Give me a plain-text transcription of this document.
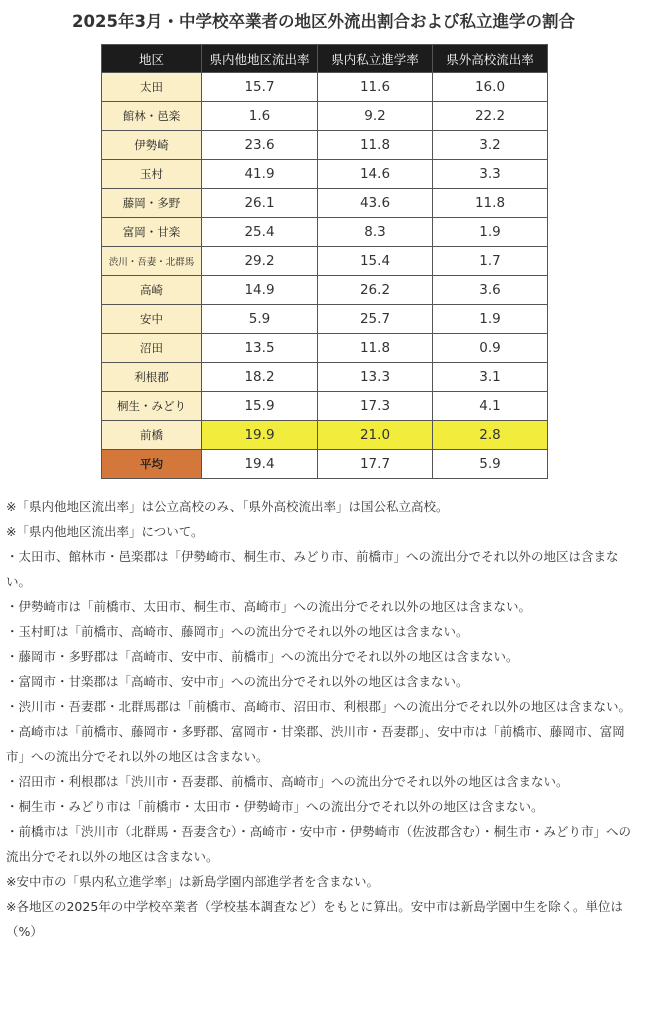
2025年3月・中学校卒業者の地区外流出割合および私立進学の割合
地区	県内他地区流出率	県内私立進学率	県外高校流出率
太田	15.7	11.6	16.0
館林・邑楽	1.6	9.2	22.2
伊勢崎	23.6	11.8	3.2
玉村	41.9	14.6	3.3
藤岡・多野	26.1	43.6	11.8
富岡・甘楽	25.4	8.3	1.9
渋川・吾妻・北群馬	29.2	15.4	1.7
高崎	14.9	26.2	3.6
安中	5.9	25.7	1.9
沼田	13.5	11.8	0.9
利根郡	18.2	13.3	3.1
桐生・みどり	15.9	17.3	4.1
前橋	19.9	21.0	2.8
平均	19.4	17.7	5.9

※「県内他地区流出率」は公立高校のみ、「県外高校流出率」は国公私立高校。

※「県内他地区流出率」について。

・太田市、館林市・邑楽郡は「伊勢崎市、桐生市、みどり市、前橋市」への流出分でそれ以外の地区は含まない。

・伊勢崎市は「前橋市、太田市、桐生市、高崎市」への流出分でそれ以外の地区は含まない。

・玉村町は「前橋市、高崎市、藤岡市」への流出分でそれ以外の地区は含まない。

・藤岡市・多野郡は「高崎市、安中市、前橋市」への流出分でそれ以外の地区は含まない。

・富岡市・甘楽郡は「高崎市、安中市」への流出分でそれ以外の地区は含まない。

・渋川市・吾妻郡・北群馬郡は「前橋市、高崎市、沼田市、利根郡」への流出分でそれ以外の地区は含まない。

・高崎市は「前橋市、藤岡市・多野郡、富岡市・甘楽郡、渋川市・吾妻郡」、安中市は「前橋市、藤岡市、富岡市」への流出分でそれ以外の地区は含まない。

・沼田市・利根郡は「渋川市・吾妻郡、前橋市、高崎市」への流出分でそれ以外の地区は含まない。

・桐生市・みどり市は「前橋市・太田市・伊勢崎市」への流出分でそれ以外の地区は含まない。

・前橋市は「渋川市（北群馬・吾妻含む）・高崎市・安中市・伊勢崎市（佐波郡含む）・桐生市・みどり市」への流出分でそれ以外の地区は含まない。

※安中市の「県内私立進学率」は新島学園内部進学者を含まない。

※各地区の2025年の中学校卒業者（学校基本調査など）をもとに算出。安中市は新島学園中生を除く。単位は（%）
